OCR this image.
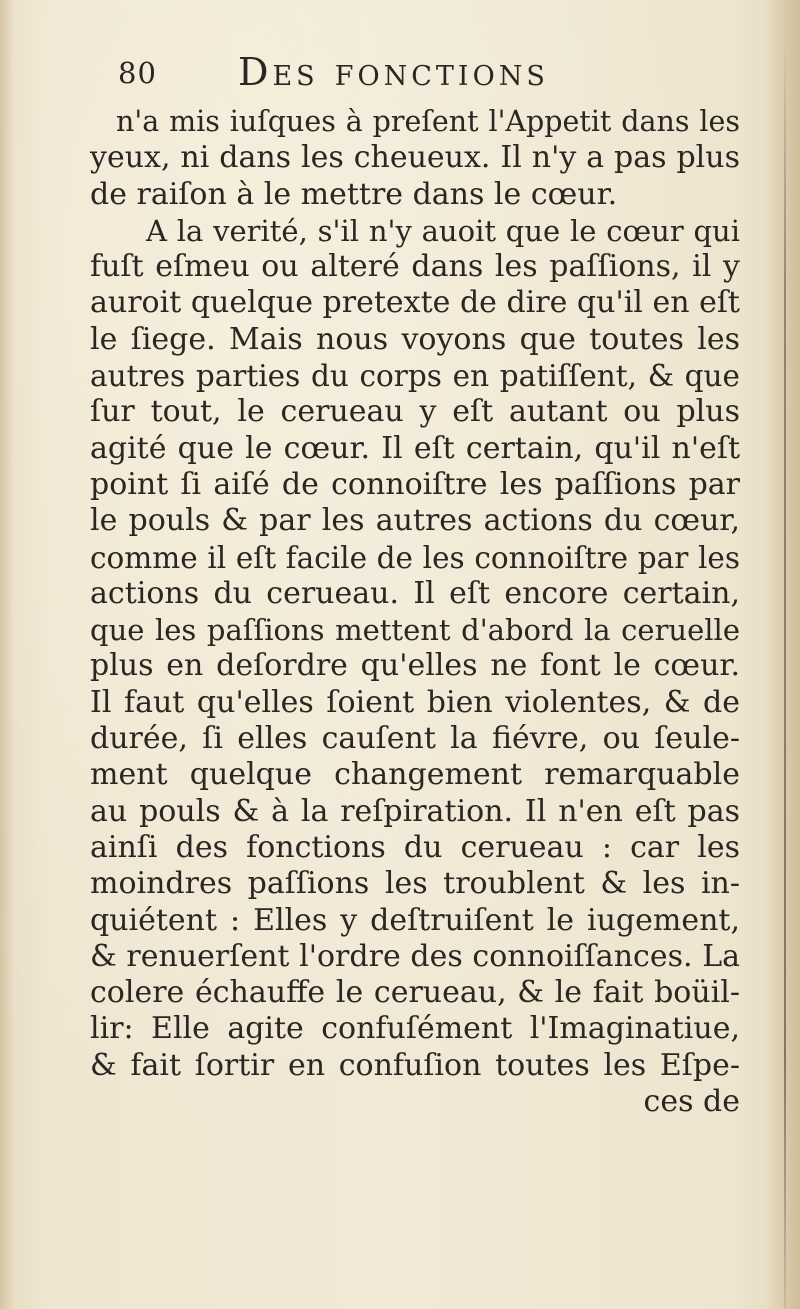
80 Des fonctions
n'a mis iuſques à preſent l'Appetit dans les
yeux, ni dans les cheueux. Il n'y a pas plus
de raiſon à le mettre dans le cœur.
A la verité, s'il n'y auoit que le cœur qui
fuſt eſmeu ou alteré dans les paſſions, il y
auroit quelque pretexte de dire qu'il en eſt
le ſiege. Mais nous voyons que toutes les
autres parties du corps en patiſſent, & que
ſur tout, le cerueau y eſt autant ou plus
agité que le cœur. Il eſt certain, qu'il n'eſt
point ſi aiſé de connoiſtre les paſſions par
le pouls & par les autres actions du cœur,
comme il eſt facile de les connoiſtre par les
actions du cerueau. Il eſt encore certain,
que les paſſions mettent d'abord la ceruelle
plus en deſordre qu'elles ne font le cœur.
Il faut qu'elles ſoient bien violentes, & de
durée, ſi elles cauſent la fiévre, ou ſeule-
ment quelque changement remarquable
au pouls & à la reſpiration. Il n'en eſt pas
ainſi des fonctions du cerueau : car les
moindres paſſions les troublent & les in-
quiétent : Elles y deſtruiſent le iugement,
& renuerſent l'ordre des connoiſſances. La
colere échauffe le cerueau, & le fait boüil-
lir: Elle agite confuſément l'Imaginatiue,
& fait ſortir en confuſion toutes les Eſpe-
ces de
